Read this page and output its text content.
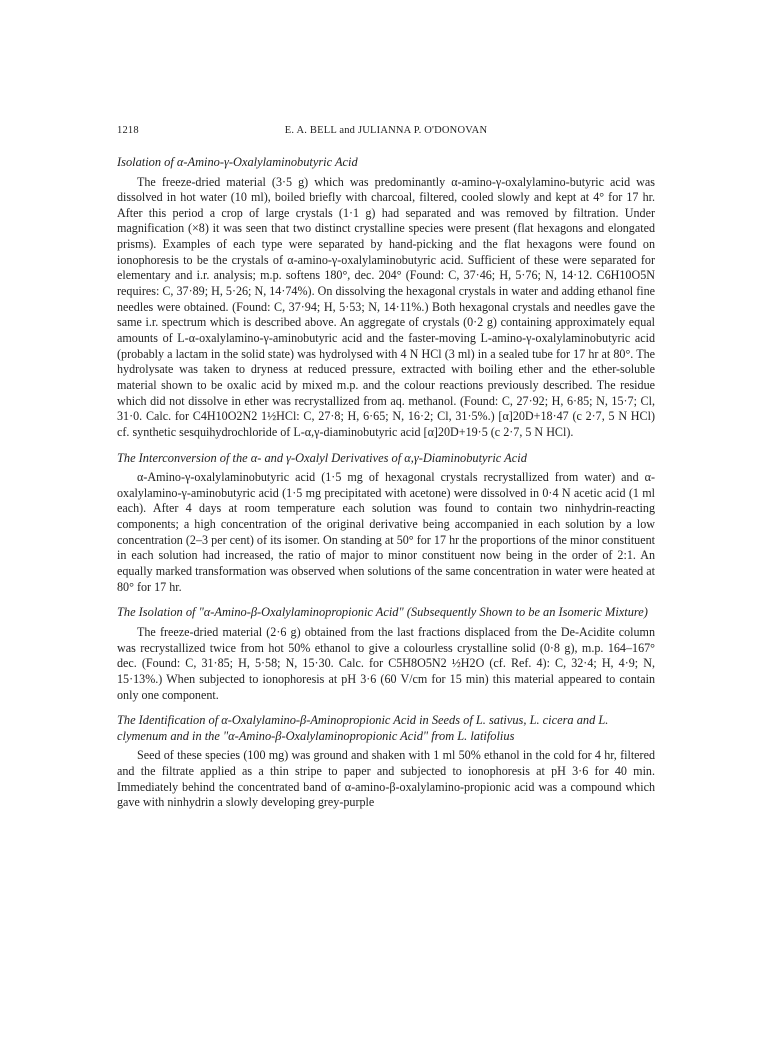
1218	E. A. BELL and JULIANNA P. O'DONOVAN
Isolation of α-Amino-γ-Oxalylaminobutyric Acid

The freeze-dried material (3·5 g) which was predominantly α-amino-γ-oxalylamino-butyric acid was dissolved in hot water (10 ml), boiled briefly with charcoal, filtered, cooled slowly and kept at 4° for 17 hr. After this period a crop of large crystals (1·1 g) had separated and was removed by filtration. Under magnification (×8) it was seen that two distinct crystalline species were present (flat hexagons and elongated prisms). Examples of each type were separated by hand-picking and the flat hexagons were found on ionophoresis to be the crystals of α-amino-γ-oxalylaminobutyric acid. Sufficient of these were separated for elementary and i.r. analysis; m.p. softens 180°, dec. 204° (Found: C, 37·46; H, 5·76; N, 14·12. C6H10O5N requires: C, 37·89; H, 5·26; N, 14·74%). On dissolving the hexagonal crystals in water and adding ethanol fine needles were obtained. (Found: C, 37·94; H, 5·53; N, 14·11%.) Both hexagonal crystals and needles gave the same i.r. spectrum which is described above. An aggregate of crystals (0·2 g) containing approximately equal amounts of L-α-oxalylamino-γ-aminobutyric acid and the faster-moving L-amino-γ-oxalylaminobutyric acid (probably a lactam in the solid state) was hydrolysed with 4 N HCl (3 ml) in a sealed tube for 17 hr at 80°. The hydrolysate was taken to dryness at reduced pressure, extracted with boiling ether and the ether-soluble material shown to be oxalic acid by mixed m.p. and the colour reactions previously described. The residue which did not dissolve in ether was recrystallized from aq. methanol. (Found: C, 27·92; H, 6·85; N, 15·7; Cl, 31·0. Calc. for C4H10O2N2 1½HCl: C, 27·8; H, 6·65; N, 16·2; Cl, 31·5%.) [α]20D+18·47 (c 2·7, 5 N HCl) cf. synthetic sesquihydrochloride of L-α,γ-diaminobutyric acid [α]20D+19·5 (c 2·7, 5 N HCl).

The Interconversion of the α- and γ-Oxalyl Derivatives of α,γ-Diaminobutyric Acid

α-Amino-γ-oxalylaminobutyric acid (1·5 mg of hexagonal crystals recrystallized from water) and α-oxalylamino-γ-aminobutyric acid (1·5 mg precipitated with acetone) were dissolved in 0·4 N acetic acid (1 ml each). After 4 days at room temperature each solution was found to contain two ninhydrin-reacting components; a high concentration of the original derivative being accompanied in each solution by a low concentration (2–3 per cent) of its isomer. On standing at 50° for 17 hr the proportions of the minor constituent in each solution had increased, the ratio of major to minor constituent now being in the order of 2:1. An equally marked transformation was observed when solutions of the same concentration in water were heated at 80° for 17 hr.

The Isolation of "α-Amino-β-Oxalylaminopropionic Acid" (Subsequently Shown to be an Isomeric Mixture)

The freeze-dried material (2·6 g) obtained from the last fractions displaced from the De-Acidite column was recrystallized twice from hot 50% ethanol to give a colourless crystalline solid (0·8 g), m.p. 164–167° dec. (Found: C, 31·85; H, 5·58; N, 15·30. Calc. for C5H8O5N2 ½H2O (cf. Ref. 4): C, 32·4; H, 4·9; N, 15·13%.) When subjected to ionophoresis at pH 3·6 (60 V/cm for 15 min) this material appeared to contain only one component.

The Identification of α-Oxalylamino-β-Aminopropionic Acid in Seeds of L. sativus, L. cicera and L. clymenum and in the "α-Amino-β-Oxalylaminopropionic Acid" from L. latifolius

Seed of these species (100 mg) was ground and shaken with 1 ml 50% ethanol in the cold for 4 hr, filtered and the filtrate applied as a thin stripe to paper and subjected to ionophoresis at pH 3·6 for 40 min. Immediately behind the concentrated band of α-amino-β-oxalylamino-propionic acid was a compound which gave with ninhydrin a slowly developing grey-purple
